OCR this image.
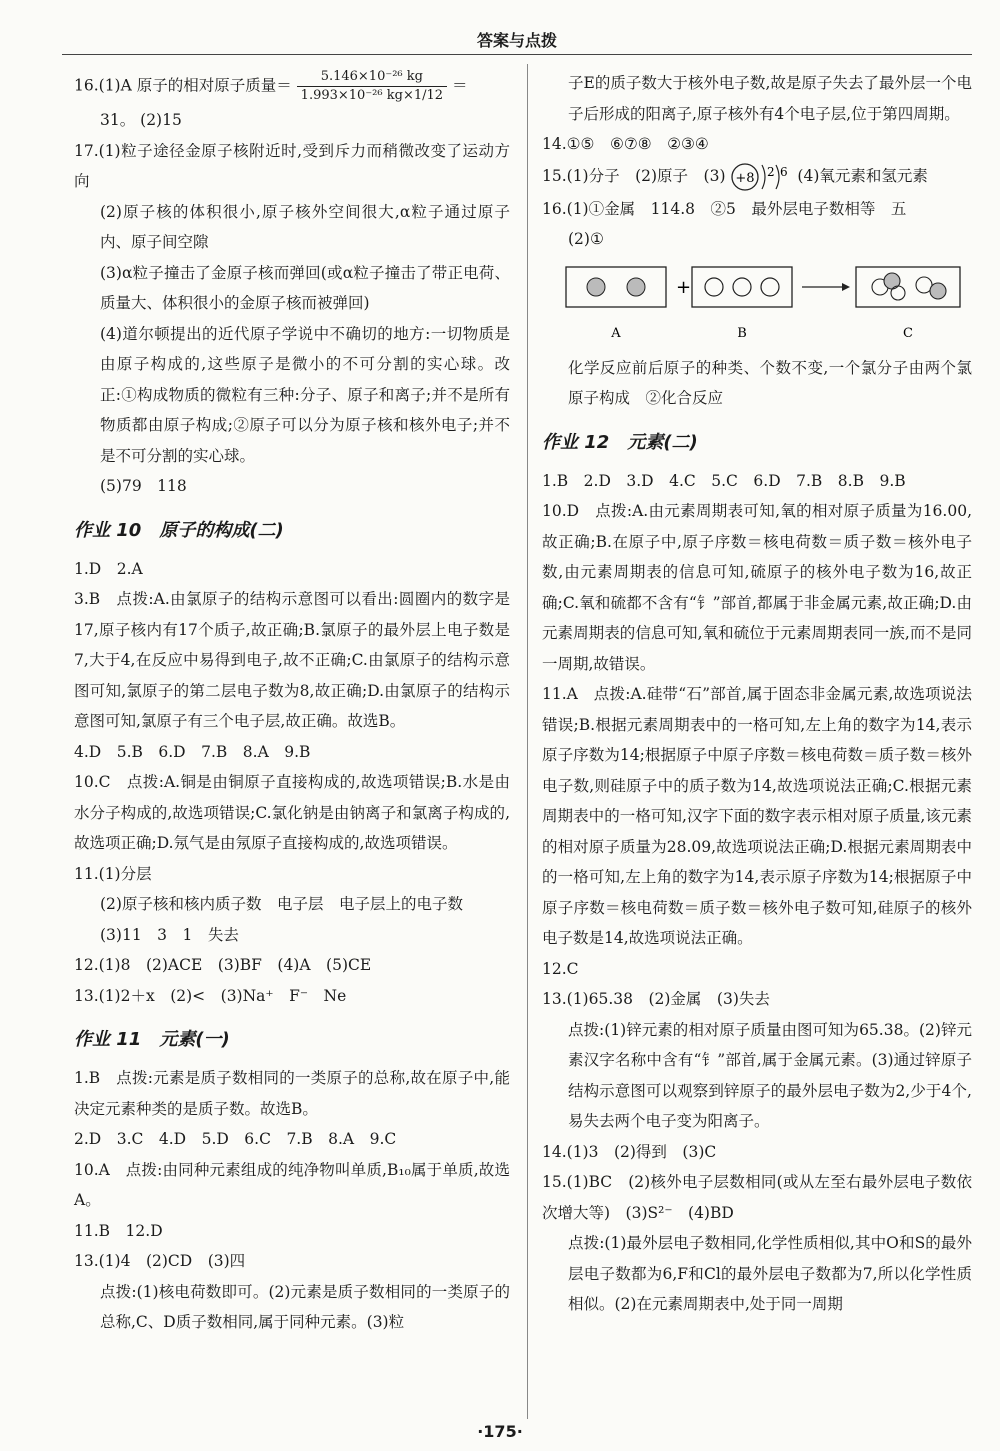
答案与点拨

16.(1)A 原子的相对原子质量＝ $\frac{\text{5.146×10⁻²⁶ kg}}{\text{1.993×10⁻²⁶ kg×1/12}}$ ＝

31。 (2)15

17.(1)粒子途径金原子核附近时,受到斥力而稍微改变了运动方向

(2)原子核的体积很小,原子核外空间很大,α粒子通过原子内、原子间空隙

(3)α粒子撞击了金原子核而弹回(或α粒子撞击了带正电荷、质量大、体积很小的金原子核而被弹回)

(4)道尔顿提出的近代原子学说中不确切的地方:一切物质是由原子构成的,这些原子是微小的不可分割的实心球。改正:①构成物质的微粒有三种:分子、原子和离子;并不是所有物质都由原子构成;②原子可以分为原子核和核外电子;并不是不可分割的实心球。

(5)79　118

作业 10　原子的构成(二)

1.D　2.A

3.B　点拨:A.由氯原子的结构示意图可以看出:圆圈内的数字是17,原子核内有17个质子,故正确;B.氯原子的最外层上电子数是7,大于4,在反应中易得到电子,故不正确;C.由氯原子的结构示意图可知,氯原子的第二层电子数为8,故正确;D.由氯原子的结构示意图可知,氯原子有三个电子层,故正确。故选B。

4.D　5.B　6.D　7.B　8.A　9.B

10.C　点拨:A.铜是由铜原子直接构成的,故选项错误;B.水是由水分子构成的,故选项错误;C.氯化钠是由钠离子和氯离子构成的,故选项正确;D.氖气是由氖原子直接构成的,故选项错误。

11.(1)分层

(2)原子核和核内质子数　电子层　电子层上的电子数

(3)11　3　1　失去

12.(1)8　(2)ACE　(3)BF　(4)A　(5)CE

13.(1)2＋x　(2)<　(3)Na⁺　F⁻　Ne

作业 11　元素(一)

1.B　点拨:元素是质子数相同的一类原子的总称,故在原子中,能决定元素种类的是质子数。故选B。

2.D　3.C　4.D　5.D　6.C　7.B　8.A　9.C

10.A　点拨:由同种元素组成的纯净物叫单质,B₁₀属于单质,故选A。

11.B　12.D

13.(1)4　(2)CD　(3)四

点拨:(1)核电荷数即可。(2)元素是质子数相同的一类原子的总称,C、D质子数相同,属于同种元素。(3)粒

子E的质子数大于核外电子数,故是原子失去了最外层一个电子后形成的阳离子,原子核外有4个电子层,位于第四周期。

14.①⑤　⑥⑦⑧　②③④

15.(1)分子　(2)原子　(3) +8 2 6 (4)氧元素和氢元素

16.(1)①金属　114.8　②5　最外层电子数相等　五

(2)①

+
A	B	C

化学反应前后原子的种类、个数不变,一个氯分子由两个氯原子构成　②化合反应

作业 12　元素(二)

1.B　2.D　3.D　4.C　5.C　6.D　7.B　8.B　9.B

10.D　点拨:A.由元素周期表可知,氧的相对原子质量为16.00,故正确;B.在原子中,原子序数＝核电荷数＝质子数＝核外电子数,由元素周期表的信息可知,硫原子的核外电子数为16,故正确;C.氧和硫都不含有“钅”部首,都属于非金属元素,故正确;D.由元素周期表的信息可知,氧和硫位于元素周期表同一族,而不是同一周期,故错误。

11.A　点拨:A.硅带“石”部首,属于固态非金属元素,故选项说法错误;B.根据元素周期表中的一格可知,左上角的数字为14,表示原子序数为14;根据原子中原子序数＝核电荷数＝质子数＝核外电子数,则硅原子中的质子数为14,故选项说法正确;C.根据元素周期表中的一格可知,汉字下面的数字表示相对原子质量,该元素的相对原子质量为28.09,故选项说法正确;D.根据元素周期表中的一格可知,左上角的数字为14,表示原子序数为14;根据原子中原子序数＝核电荷数＝质子数＝核外电子数可知,硅原子的核外电子数是14,故选项说法正确。

12.C

13.(1)65.38　(2)金属　(3)失去

点拨:(1)锌元素的相对原子质量由图可知为65.38。(2)锌元素汉字名称中含有“钅”部首,属于金属元素。(3)通过锌原子结构示意图可以观察到锌原子的最外层电子数为2,少于4个,易失去两个电子变为阳离子。

14.(1)3　(2)得到　(3)C

15.(1)BC　(2)核外电子层数相同(或从左至右最外层电子数依次增大等)　(3)S²⁻　(4)BD

点拨:(1)最外层电子数相同,化学性质相似,其中O和S的最外层电子数都为6,F和Cl的最外层电子数都为7,所以化学性质相似。(2)在元素周期表中,处于同一周期

·175·
